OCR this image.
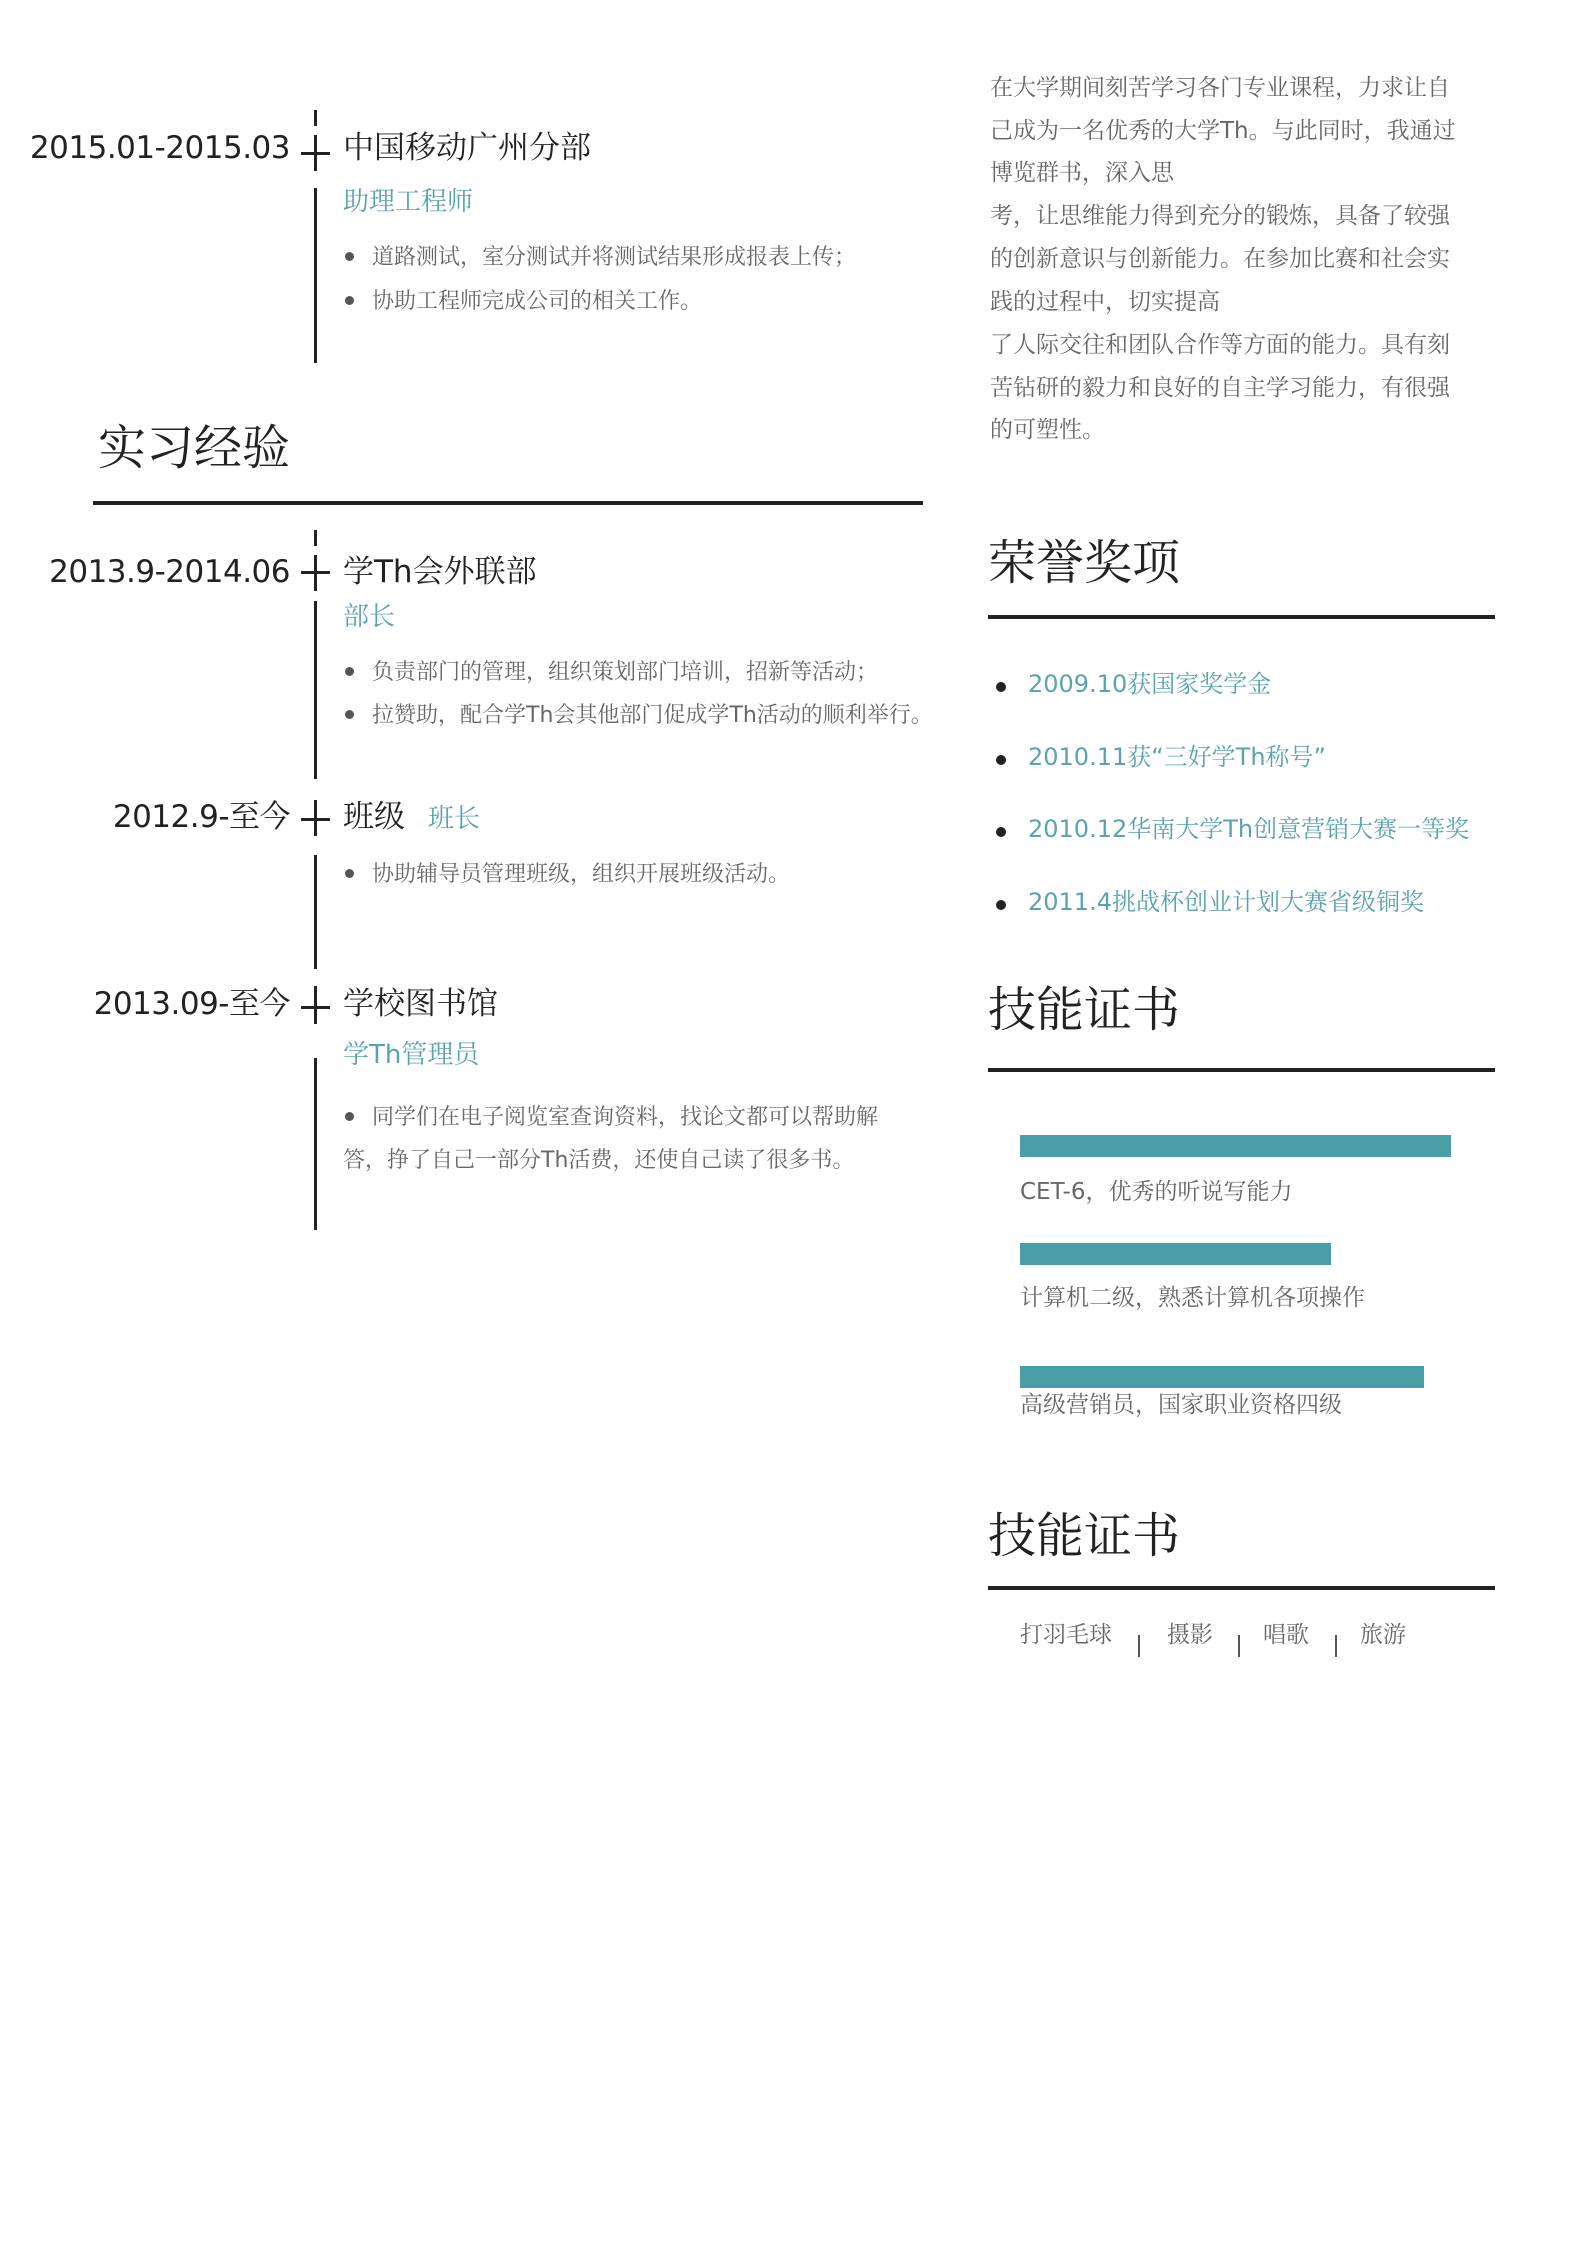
2015.01-2015.03 中国移动广州分部
助理工程师
道路测试，室分测试并将测试结果形成报表上传；
协助工程师完成公司的相关工作。
实习经验
2013.9-2014.06 学Th会外联部
部长
负责部门的管理，组织策划部门培训，招新等活动；
拉赞助，配合学Th会其他部门促成学Th活动的顺利举行。
2012.9-至今 班级 班长
协助辅导员管理班级，组织开展班级活动。
2013.09-至今 学校图书馆
学Th管理员
同学们在电子阅览室查询资料，找论文都可以帮助解
答，挣了自己一部分Th活费，还使自己读了很多书。
在大学期间刻苦学习各门专业课程，力求让自
己成为一名优秀的大学Th。与此同时，我通过
博览群书，深入思
考，让思维能力得到充分的锻炼，具备了较强
的创新意识与创新能力。在参加比赛和社会实
践的过程中，切实提高
了人际交往和团队合作等方面的能力。具有刻
苦钻研的毅力和良好的自主学习能力，有很强
的可塑性。
荣誉奖项
2009.10获国家奖学金
2010.11获“三好学Th称号”
2010.12华南大学Th创意营销大赛一等奖
2011.4挑战杯创业计划大赛省级铜奖
技能证书
CET-6，优秀的听说写能力
计算机二级，熟悉计算机各项操作
高级营销员，国家职业资格四级
技能证书
打羽毛球 摄影 唱歌 旅游
